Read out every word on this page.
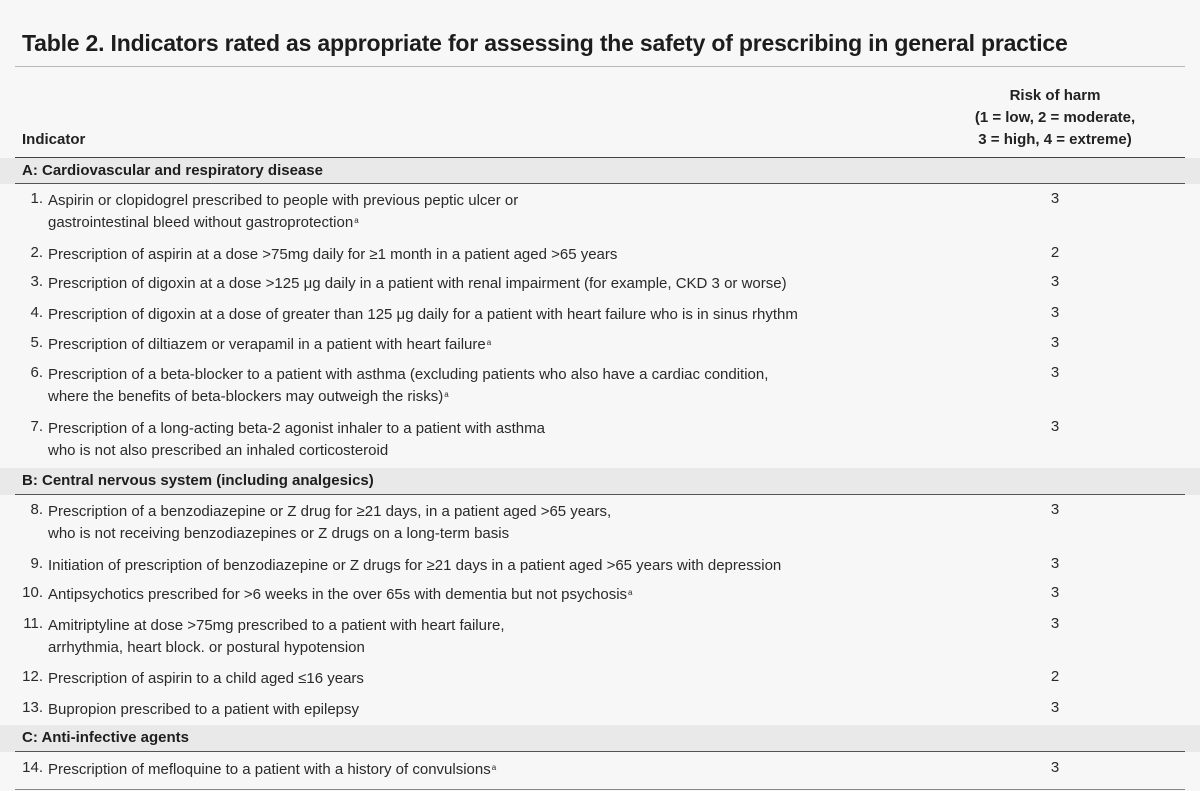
Table 2. Indicators rated as appropriate for assessing the safety of prescribing in general practice
Indicator
Risk of harm
(1 = low, 2 = moderate,
3 = high, 4 = extreme)
A: Cardiovascular and respiratory disease
1. Aspirin or clopidogrel prescribed to people with previous peptic ulcer or
gastrointestinal bleed without gastroprotection$^a$
3
2. Prescription of aspirin at a dose >75mg daily for ≥1 month in a patient aged >65 years	2
3. Prescription of digoxin at a dose >125 μg daily in a patient with renal impairment (for example, CKD 3 or worse)	3
4. Prescription of digoxin at a dose of greater than 125 μg daily for a patient with heart failure who is in sinus rhythm	3
5. Prescription of diltiazem or verapamil in a patient with heart failure$^a$	3
6. Prescription of a beta-blocker to a patient with asthma (excluding patients who also have a cardiac condition,
where the benefits of beta-blockers may outweigh the risks)$^a$
3
7. Prescription of a long-acting beta-2 agonist inhaler to a patient with asthma
who is not also prescribed an inhaled corticosteroid
3
B: Central nervous system (including analgesics)
8. Prescription of a benzodiazepine or Z drug for ≥21 days, in a patient aged >65 years,
who is not receiving benzodiazepines or Z drugs on a long-term basis
3
9. Initiation of prescription of benzodiazepine or Z drugs for ≥21 days in a patient aged >65 years with depression	3
10. Antipsychotics prescribed for >6 weeks in the over 65s with dementia but not psychosis$^a$	3
11. Amitriptyline at dose >75mg prescribed to a patient with heart failure,
arrhythmia, heart block. or postural hypotension
3
12. Prescription of aspirin to a child aged ≤16 years	2
13. Bupropion prescribed to a patient with epilepsy	3
C: Anti-infective agents
14. Prescription of mefloquine to a patient with a history of convulsions$^a$	3
